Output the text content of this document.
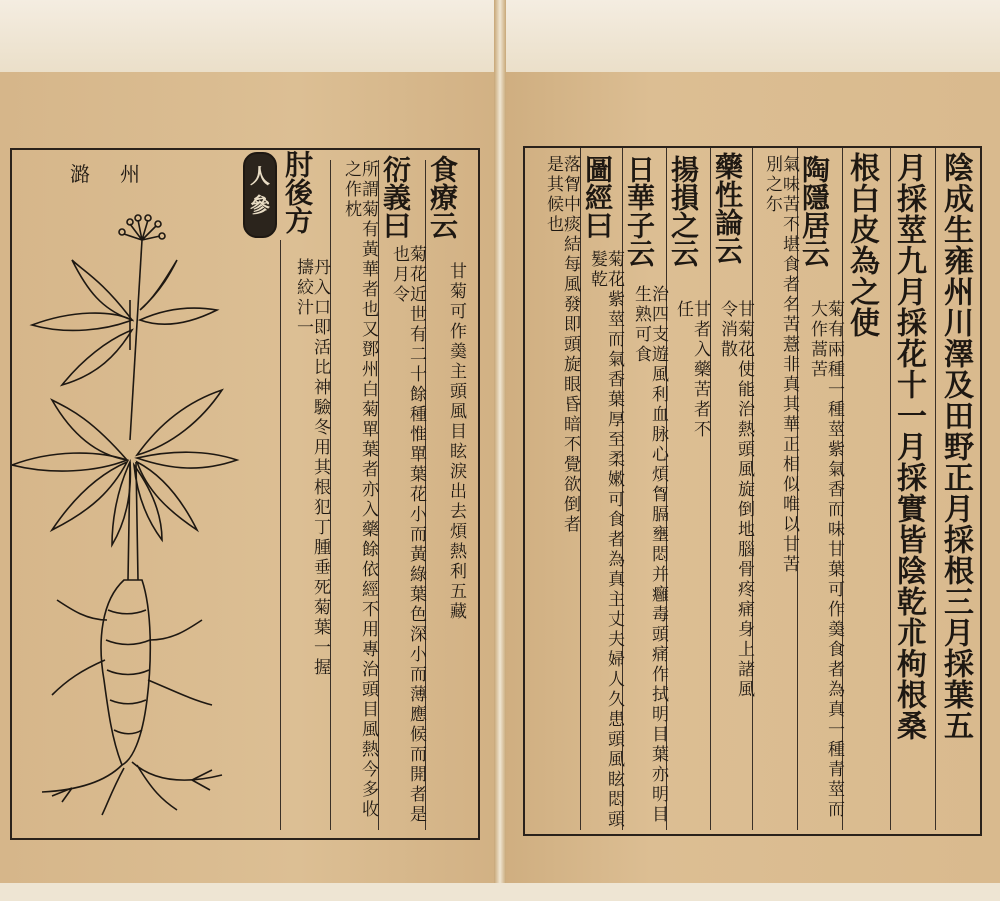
潞州	人參	食療云
甘菊可作羮主頭風目眩淚出去煩熱利五藏
衍義曰
菊花近世有二十餘種惟單葉花小而黃綠葉色深小而薄應候而開者是也月令
所謂菊有黃華者也又鄧州白菊單葉者亦入藥餘依經不用專治頭目風熱今多收之作枕
肘後方
丹入口即活比神驗冬用其根犯丁腫垂死菊葉一握擣絞汁一	陰成生雍州川澤及田野正月採根三月採葉五
月採莖九月採花十一月採實皆陰乾朮枸根桑
根白皮為之使
陶隱居云
菊有兩種一種莖紫氣香而味甘葉可作羮食者為真一種青莖而大作蒿苦
氣味苦不堪食者名苦薏非真其華正相似唯以甘苦別之尓
藥性論云
甘菊花使能治熱頭風旋倒地腦骨疼痛身上諸風令消散
揚損之云
甘者入藥苦者不任
日華子云
治四支遊風利血脉心煩胷膈壅悶并癰毒頭痛作拭明目葉亦明目生熟可食
圖經曰
菊花紫莖而氣香葉厚至柔嫩可食者為真主丈夫婦人久患頭風眩悶頭髮乾
落胷中痰結每風發即頭旋眼昏暗不覺欲倒者是其候也
